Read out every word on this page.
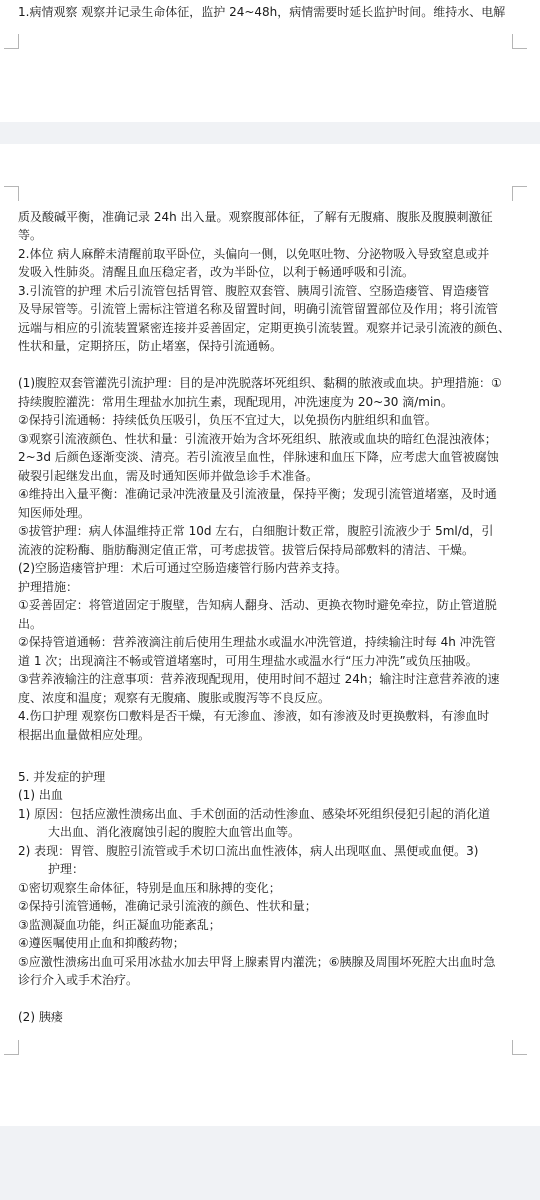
1.病情观察 观察并记录生命体征，监护 24~48h，病情需要时延长监护时间。维持水、电解
质及酸碱平衡，准确记录 24h 出入量。观察腹部体征，了解有无腹痛、腹胀及腹膜刺激征
等。
2.体位 病人麻醉未清醒前取平卧位，头偏向一侧，以免呕吐物、分泌物吸入导致窒息或并
发吸入性肺炎。清醒且血压稳定者，改为半卧位，以利于畅通呼吸和引流。
3.引流管的护理 术后引流管包括胃管、腹腔双套管、胰周引流管、空肠造瘘管、胃造瘘管
及导尿管等。引流管上需标注管道名称及留置时间，明确引流管留置部位及作用；将引流管
远端与相应的引流装置紧密连接并妥善固定，定期更换引流装置。观察并记录引流液的颜色、
性状和量，定期挤压，防止堵塞，保持引流通畅。
(1)腹腔双套管灌洗引流护理：目的是冲洗脱落坏死组织、黏稠的脓液或血块。护理措施：①
持续腹腔灌洗：常用生理盐水加抗生素，现配现用，冲洗速度为 20~30 滴/min。
②保持引流通畅：持续低负压吸引，负压不宜过大，以免损伤内脏组织和血管。
③观察引流液颜色、性状和量：引流液开始为含坏死组织、脓液或血块的暗红色混浊液体；
2~3d 后颜色逐渐变淡、清亮。若引流液呈血性，伴脉速和血压下降，应考虑大血管被腐蚀
破裂引起继发出血，需及时通知医师并做急诊手术准备。
④维持出入量平衡：准确记录冲洗液量及引流液量，保持平衡；发现引流管道堵塞，及时通
知医师处理。
⑤拔管护理：病人体温维持正常 10d 左右，白细胞计数正常，腹腔引流液少于 5ml/d，引
流液的淀粉酶、脂肪酶测定值正常，可考虑拔管。拔管后保持局部敷料的清洁、干燥。
(2)空肠造瘘管护理：术后可通过空肠造瘘管行肠内营养支持。
护理措施：
①妥善固定：将管道固定于腹壁，告知病人翻身、活动、更换衣物时避免牵拉，防止管道脱
出。
②保持管道通畅：营养液滴注前后使用生理盐水或温水冲洗管道，持续输注时每 4h 冲洗管
道 1 次；出现滴注不畅或管道堵塞时，可用生理盐水或温水行“压力冲洗”或负压抽吸。
③营养液输注的注意事项：营养液现配现用，使用时间不超过 24h；输注时注意营养液的速
度、浓度和温度；观察有无腹痛、腹胀或腹泻等不良反应。
4.伤口护理 观察伤口敷料是否干燥，有无渗血、渗液，如有渗液及时更换敷料，有渗血时
根据出血量做相应处理。
5. 并发症的护理
(1) 出血
1) 原因：包括应激性溃疡出血、手术创面的活动性渗血、感染坏死组织侵犯引起的消化道
大出血、消化液腐蚀引起的腹腔大血管出血等。
2) 表现：胃管、腹腔引流管或手术切口流出血性液体，病人出现呕血、黑便或血便。3)
护理：
①密切观察生命体征，特别是血压和脉搏的变化；
②保持引流管通畅，准确记录引流液的颜色、性状和量；
③监测凝血功能，纠正凝血功能紊乱；
④遵医嘱使用止血和抑酸药物；
⑤应激性溃疡出血可采用冰盐水加去甲肾上腺素胃内灌洗；⑥胰腺及周围坏死腔大出血时急
诊行介入或手术治疗。
(2) 胰瘘
